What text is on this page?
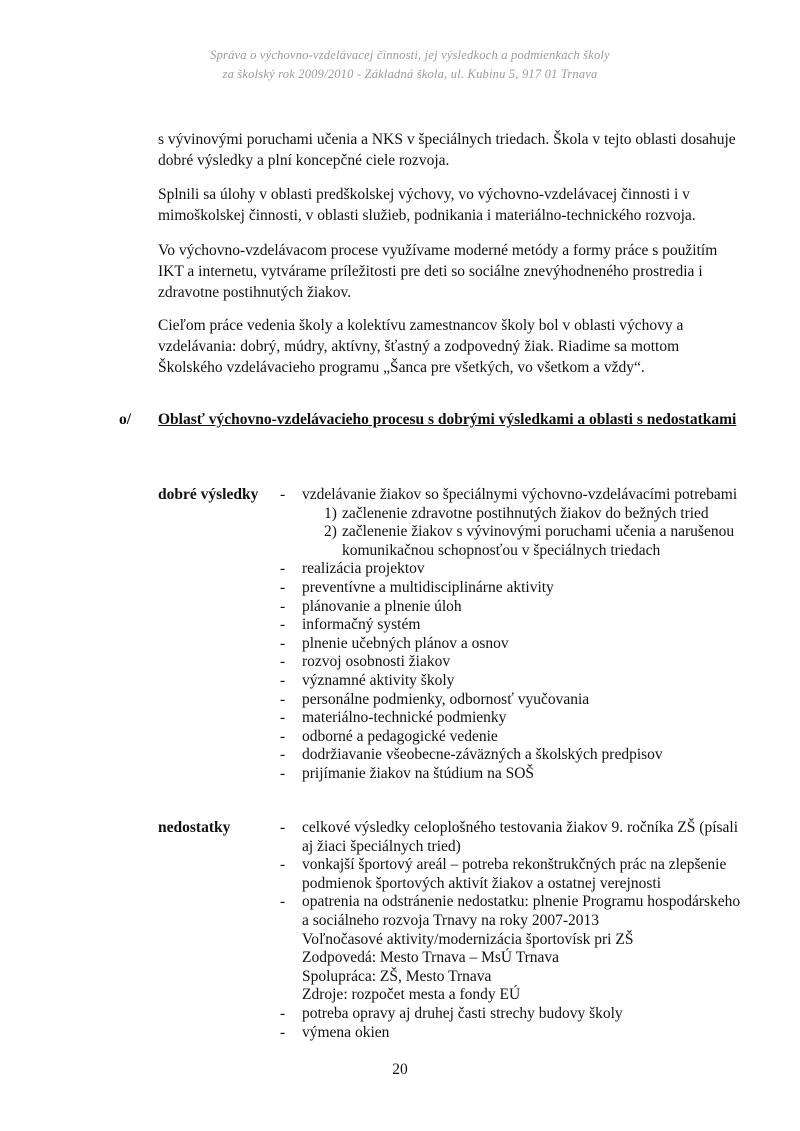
Správa o výchovno-vzdelávacej činnosti, jej výsledkoch a podmienkach školy
za školský rok 2009/2010 - Základná škola, ul. Kubinu 5, 917 01 Trnava
s vývinovými poruchami učenia a NKS v špeciálnych triedach. Škola v tejto oblasti dosahuje dobré výsledky a plní koncepčné ciele rozvoja.
Splnili sa úlohy v oblasti predškolskej výchovy, vo výchovno-vzdelávacej činnosti i v mimoškolskej činnosti, v oblasti služieb, podnikania i materiálno-technického rozvoja.
Vo výchovno-vzdelávacom procese využívame moderné metódy a formy práce s použitím IKT a internetu, vytvárame príležitosti pre deti so sociálne znevýhodneného prostredia i zdravotne postihnutých žiakov.
Cieľom práce vedenia školy a kolektívu zamestnancov školy bol v oblasti výchovy a vzdelávania: dobrý, múdry, aktívny, šťastný a zodpovedný žiak. Riadime sa mottom Školského vzdelávacieho programu „Šanca pre všetkých, vo všetkom a vždy“.
o/ Oblasť výchovno-vzdelávacieho procesu s dobrými výsledkami a oblasti s nedostatkami
dobré výsledky - vzdelávanie žiakov so špeciálnymi výchovno-vzdelávacími potrebami
1) začlenenie zdravotne postihnutých žiakov do bežných tried
2) začlenenie žiakov s vývinovými poruchami učenia a narušenou komunikačnou schopnosťou v špeciálnych triedach
- realizácia projektov
- preventívne a multidisciplinárne aktivity
- plánovanie a plnenie úloh
- informačný systém
- plnenie učebných plánov a osnov
- rozvoj osobnosti žiakov
- významné aktivity školy
- personálne podmienky, odbornosť vyučovania
- materiálno-technické podmienky
- odborné a pedagogické vedenie
- dodržiavanie všeobecne-záväzných a školských predpisov
- prijímanie žiakov na štúdium na SOŠ
nedostatky	- celkové výsledky celoplošného testovania žiakov 9. ročníka ZŠ (písali aj žiaci špeciálnych tried)
- vonkajší športový areál – potreba rekonštrukčných prác na zlepšenie podmienok športových aktivít žiakov a ostatnej verejnosti
- opatrenia na odstránenie nedostatku: plnenie Programu hospodárskeho a sociálneho rozvoja Trnavy na roky 2007-2013
Voľnočasové aktivity/modernizácia športovísk pri ZŠ
Zodpovedá: Mesto Trnava – MsÚ Trnava
Spolupráca: ZŠ, Mesto Trnava
Zdroje: rozpočet mesta a fondy EÚ
- potreba opravy aj druhej časti strechy budovy školy
- výmena okien
20
